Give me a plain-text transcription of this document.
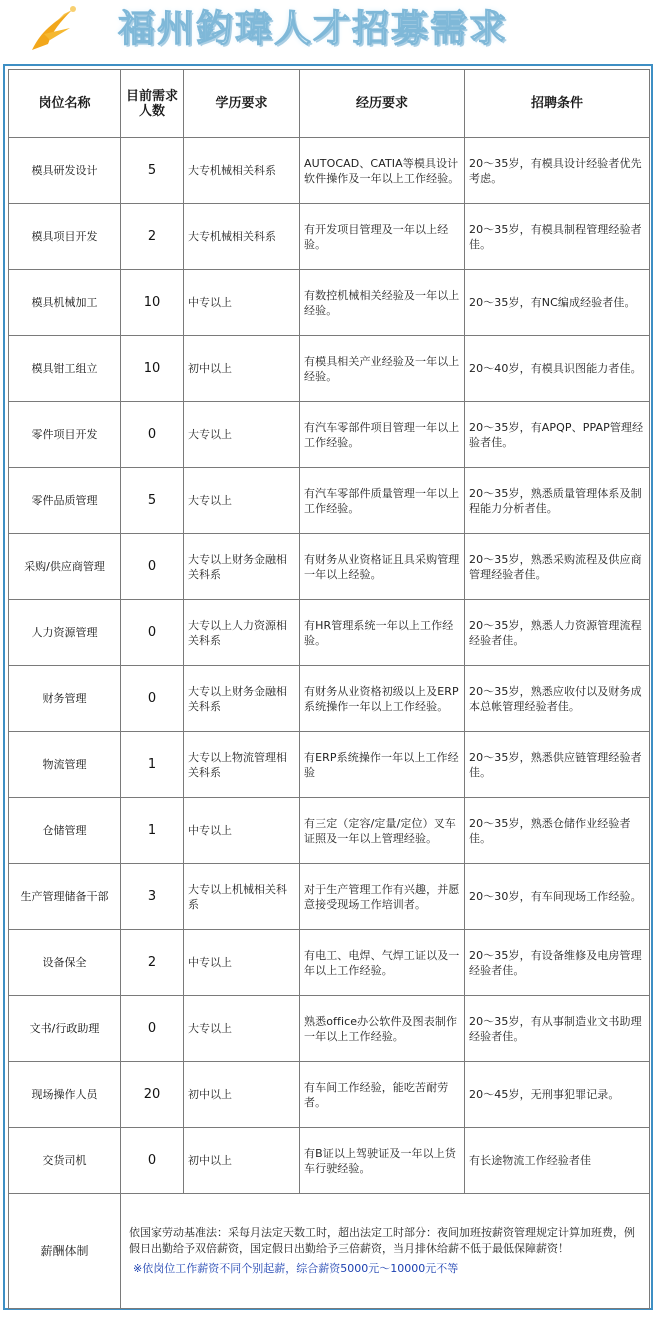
福州鈞瑋人才招募需求
岗位名称	目前需求人数	学历要求	经历要求	招聘条件
模具研发设计	5	大专机械相关科系	AUTOCAD、CATIA等模具设计软件操作及一年以上工作经验。	20～35岁，有模具设计经验者优先考虑。
模具项目开发	2	大专机械相关科系	有开发项目管理及一年以上经验。	20～35岁，有模具制程管理经验者佳。
模具机械加工	10	中专以上	有数控机械相关经验及一年以上经验。	20～35岁，有NC编成经验者佳。
模具钳工组立	10	初中以上	有模具相关产业经验及一年以上经验。	20～40岁，有模具识图能力者佳。
零件项目开发	0	大专以上	有汽车零部件项目管理一年以上工作经验。	20～35岁，有APQP、PPAP管理经验者佳。
零件品质管理	5	大专以上	有汽车零部件质量管理一年以上工作经验。	20～35岁，熟悉质量管理体系及制程能力分析者佳。
采购/供应商管理	0	大专以上财务金融相关科系	有财务从业资格证且具采购管理一年以上经验。	20～35岁，熟悉采购流程及供应商管理经验者佳。
人力资源管理	0	大专以上人力资源相关科系	有HR管理系统一年以上工作经验。	20～35岁，熟悉人力资源管理流程经验者佳。
财务管理	0	大专以上财务金融相关科系	有财务从业资格初级以上及ERP系统操作一年以上工作经验。	20～35岁，熟悉应收付以及财务成本总帐管理经验者佳。
物流管理	1	大专以上物流管理相关科系	有ERP系统操作一年以上工作经验	20～35岁，熟悉供应链管理经验者佳。
仓储管理	1	中专以上	有三定（定容/定量/定位）叉车证照及一年以上管理经验。	20～35岁，熟悉仓储作业经验者佳。
生产管理储备干部	3	大专以上机械相关科系	对于生产管理工作有兴趣，并愿意接受现场工作培训者。	20～30岁，有车间现场工作经验。
设备保全	2	中专以上	有电工、电焊、气焊工证以及一年以上工作经验。	20～35岁，有设备维修及电房管理经验者佳。
文书/行政助理	0	大专以上	熟悉office办公软件及图表制作一年以上工作经验。	20～35岁，有从事制造业文书助理经验者佳。
现场操作人员	20	初中以上	有车间工作经验，能吃苦耐劳者。	20～45岁，无刑事犯罪记录。
交货司机	0	初中以上	有B证以上驾驶证及一年以上货车行驶经验。	有长途物流工作经验者佳
薪酬体制	依国家劳动基准法：采每月法定天数工时，超出法定工时部分：夜间加班按薪资管理规定计算加班费，例假日出勤给予双倍薪资，国定假日出勤给予三倍薪资，当月排休给薪不低于最低保障薪资！
※依岗位工作薪资不同个别起薪，综合薪资5000元～10000元不等			
